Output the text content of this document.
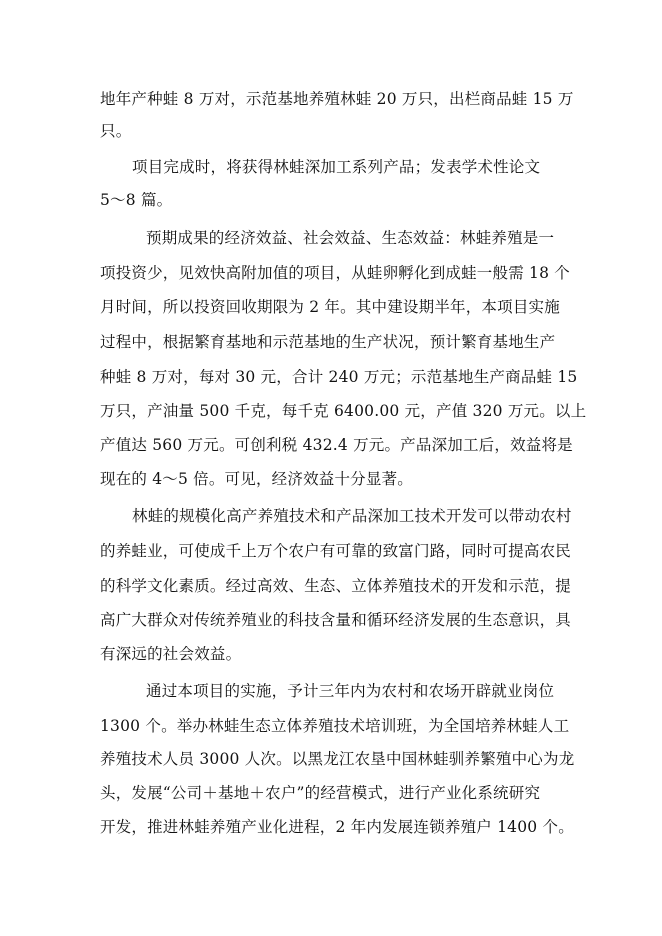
地年产种蛙 8 万对，示范基地养殖林蛙 20 万只，出栏商品蛙 15 万
只。
项目完成时，将获得林蛙深加工系列产品；发表学术性论文
5～8 篇。
预期成果的经济效益、社会效益、生态效益：林蛙养殖是一
项投资少，见效快高附加值的项目，从蛙卵孵化到成蛙一般需 18 个
月时间，所以投资回收期限为 2 年。其中建设期半年，本项目实施
过程中，根据繁育基地和示范基地的生产状况，预计繁育基地生产
种蛙 8 万对，每对 30 元，合计 240 万元；示范基地生产商品蛙 15
万只，产油量 500 千克，每千克 6400.00 元，产值 320 万元。以上
产值达 560 万元。可创利税 432.4 万元。产品深加工后，效益将是
现在的 4～5 倍。可见，经济效益十分显著。
林蛙的规模化高产养殖技术和产品深加工技术开发可以带动农村
的养蛙业，可使成千上万个农户有可靠的致富门路，同时可提高农民
的科学文化素质。经过高效、生态、立体养殖技术的开发和示范，提
高广大群众对传统养殖业的科技含量和循环经济发展的生态意识，具
有深远的社会效益。
通过本项目的实施，予计三年内为农村和农场开辟就业岗位
1300 个。举办林蛙生态立体养殖技术培训班，为全国培养林蛙人工
养殖技术人员 3000 人次。以黑龙江农垦中国林蛙驯养繁殖中心为龙
头，发展“公司＋基地＋农户”的经营模式，进行产业化系统研究
开发，推进林蛙养殖产业化进程，2 年内发展连锁养殖户 1400 个。
